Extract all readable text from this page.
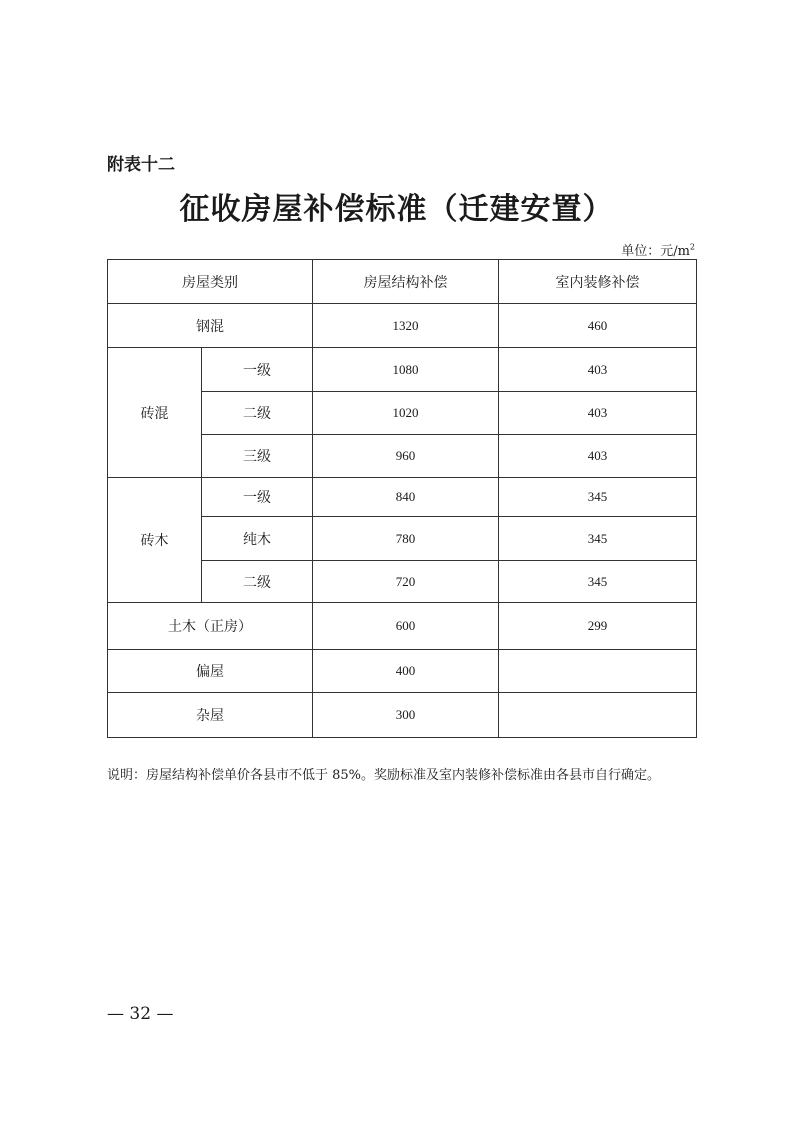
附表十二
征收房屋补偿标准（迁建安置）
单位：元$/m^2$
房屋类别		房屋结构补偿	室内装修补偿
钢混		1320	460
砖混	一级	1080	403
	二级	1020	403
	三级	960	403
砖木	一级	840	345
	纯木	780	345
	二级	720	345
土木（正房）		600	299
偏屋		400	
杂屋		300	
说明：房屋结构补偿单价各县市不低于 85%。奖励标准及室内装修补偿标准由各县市自行确定。
— 32 —
